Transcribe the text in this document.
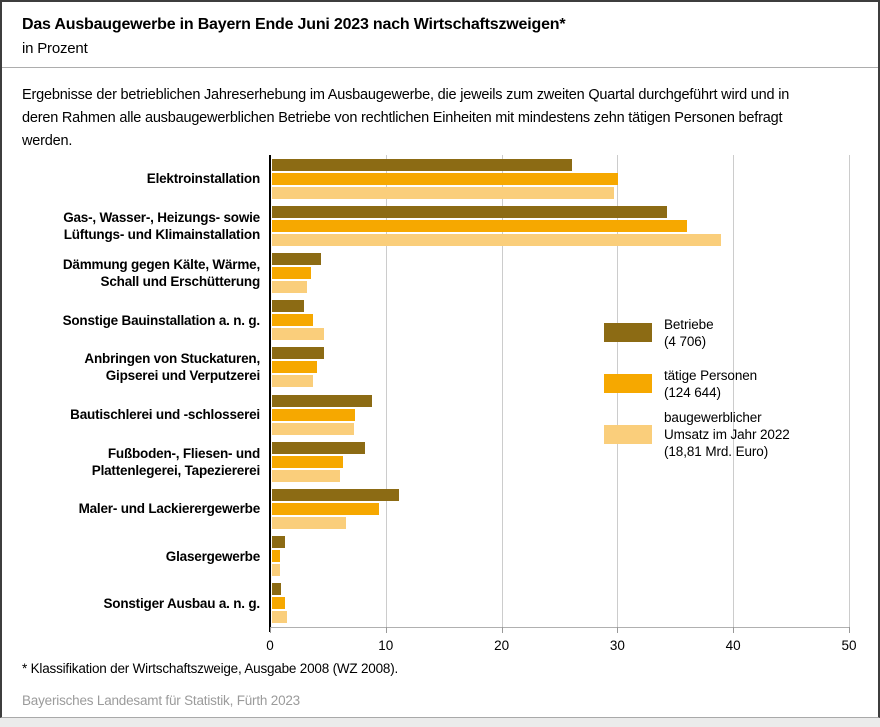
Das Ausbaugewerbe in Bayern Ende Juni 2023 nach Wirtschaftszweigen*
in Prozent
Ergebnisse der betrieblichen Jahreserhebung im Ausbaugewerbe, die jeweils zum zweiten Quartal durchgeführt wird und in deren Rahmen alle ausbaugewerblichen Betriebe von rechtlichen Einheiten mit mindestens zehn tätigen Personen befragt werden.
0	10	20	30	40	50
Elektroinstallation
Gas-, Wasser-, Heizungs- sowie
Lüftungs- und Klimainstallation
Dämmung gegen Kälte, Wärme,
Schall und Erschütterung
Sonstige Bauinstallation a. n. g.
Anbringen von Stuckaturen,
Gipserei und Verputzerei
Bautischlerei und -schlosserei
Fußboden-, Fliesen- und
Plattenlegerei, Tapeziererei
Maler- und Lackierergewerbe
Glasergewerbe
Sonstiger Ausbau a. n. g.
Betriebe
(4 706)
tätige Personen
(124 644)
baugewerblicher
Umsatz im Jahr 2022
(18,81 Mrd. Euro)
* Klassifikation der Wirtschaftszweige, Ausgabe 2008 (WZ 2008).
Bayerisches Landesamt für Statistik, Fürth 2023
